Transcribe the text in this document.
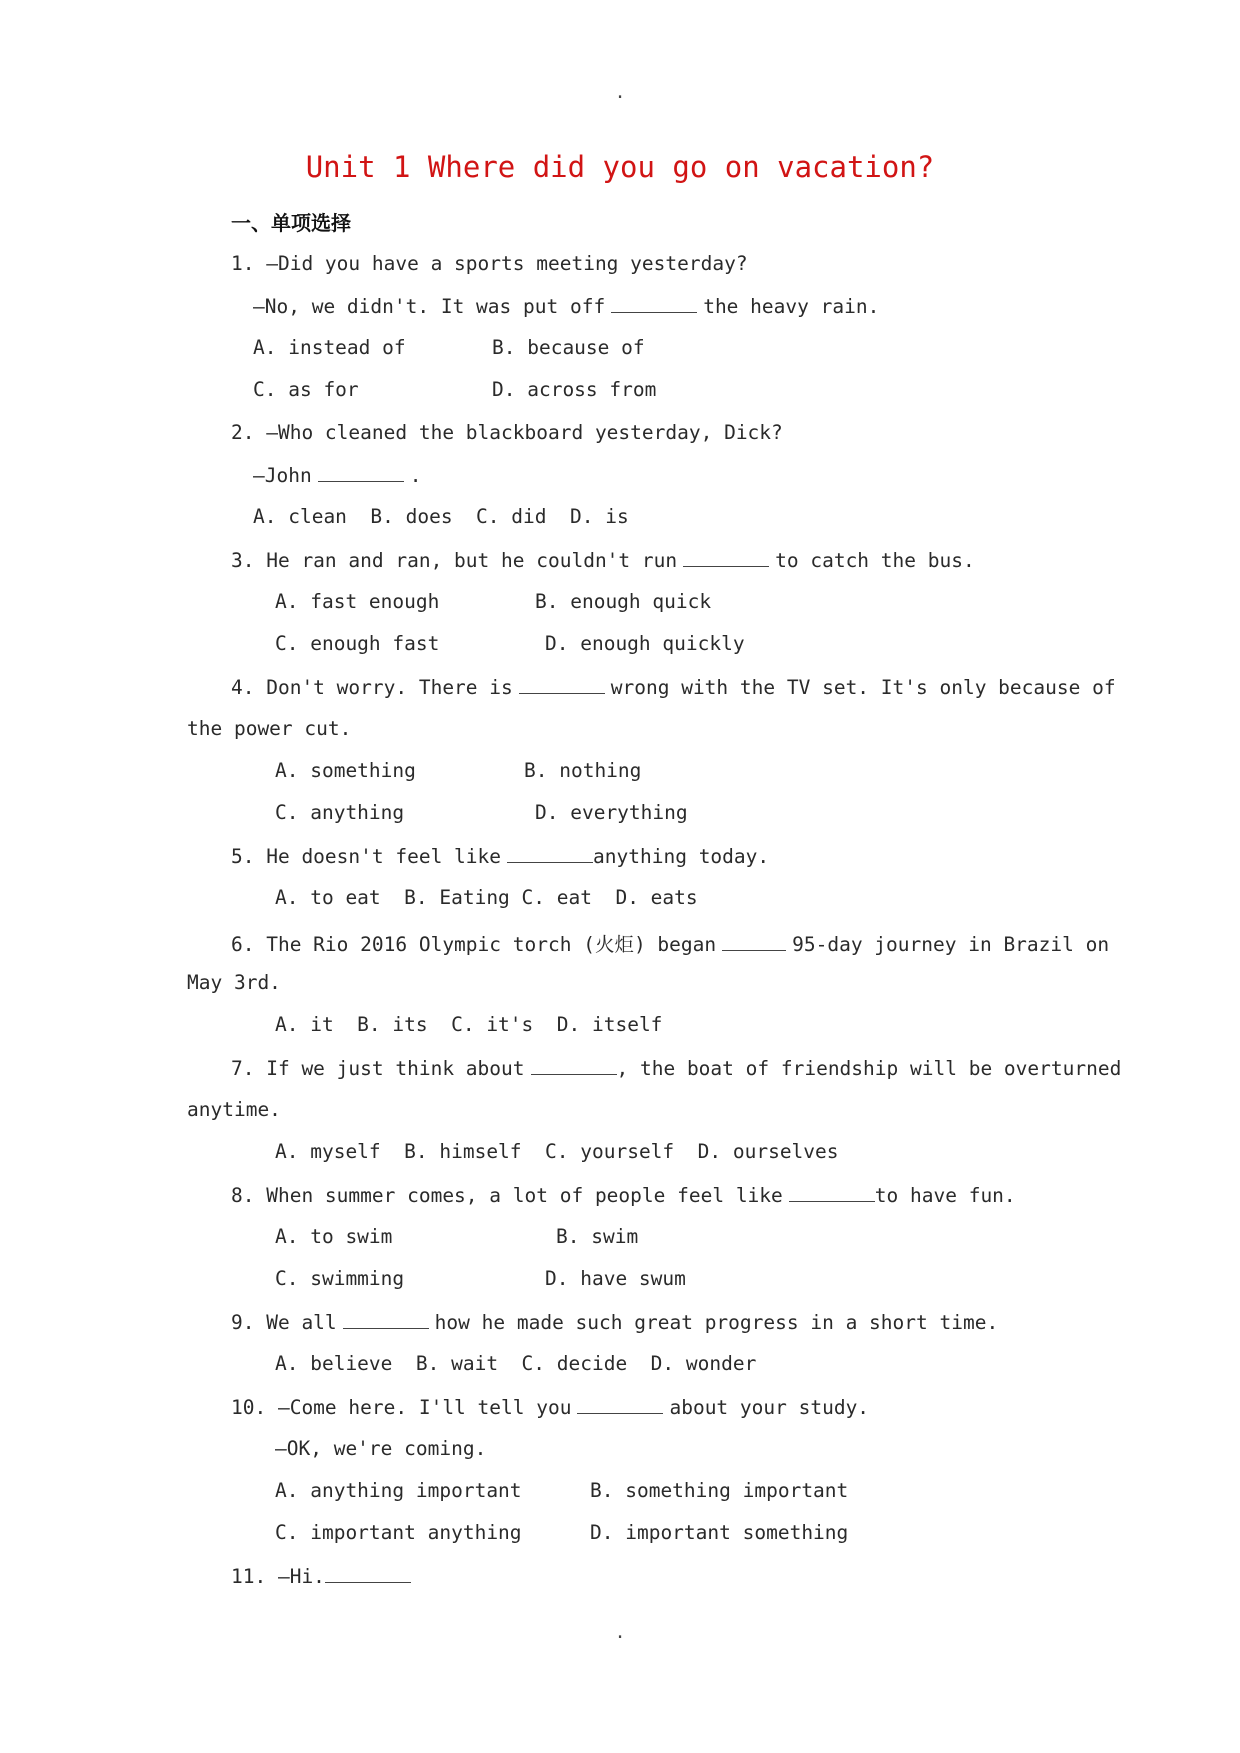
.
Unit 1 Where did you go on vacation?
一、单项选择
1. —Did you have a sports meeting yesterday?
—No, we didn't. It was put off	the heavy rain.
A. instead of	B. because of
C. as for	D. across from
2. —Who cleaned the blackboard yesterday, Dick?
—John	.
A. clean  B. does  C. did  D. is
3. He ran and ran, but he couldn't run	to catch the bus.
A. fast enough	B. enough quick
C. enough fast	D. enough quickly
4. Don't worry. There is	wrong with the TV set. It's only because of
the power cut.
A. something	B. nothing
C. anything	D. everything
5. He doesn't feel like	anything today.
A. to eat  B. Eating C. eat  D. eats
6. The Rio 2016 Olympic torch (火炬) began	95-day journey in Brazil on
May 3rd.
A. it  B. its  C. it's  D. itself
7. If we just think about	, the boat of friendship will be overturned
anytime.
A. myself  B. himself  C. yourself  D. ourselves
8. When summer comes, a lot of people feel like	to have fun.
A. to swim	B. swim
C. swimming	D. have swum
9. We all	how he made such great progress in a short time.
A. believe  B. wait  C. decide  D. wonder
10. —Come here. I'll tell you	about your study.
—OK, we're coming.
A. anything important	B. something important
C. important anything	D. important something
11. —Hi.
.
